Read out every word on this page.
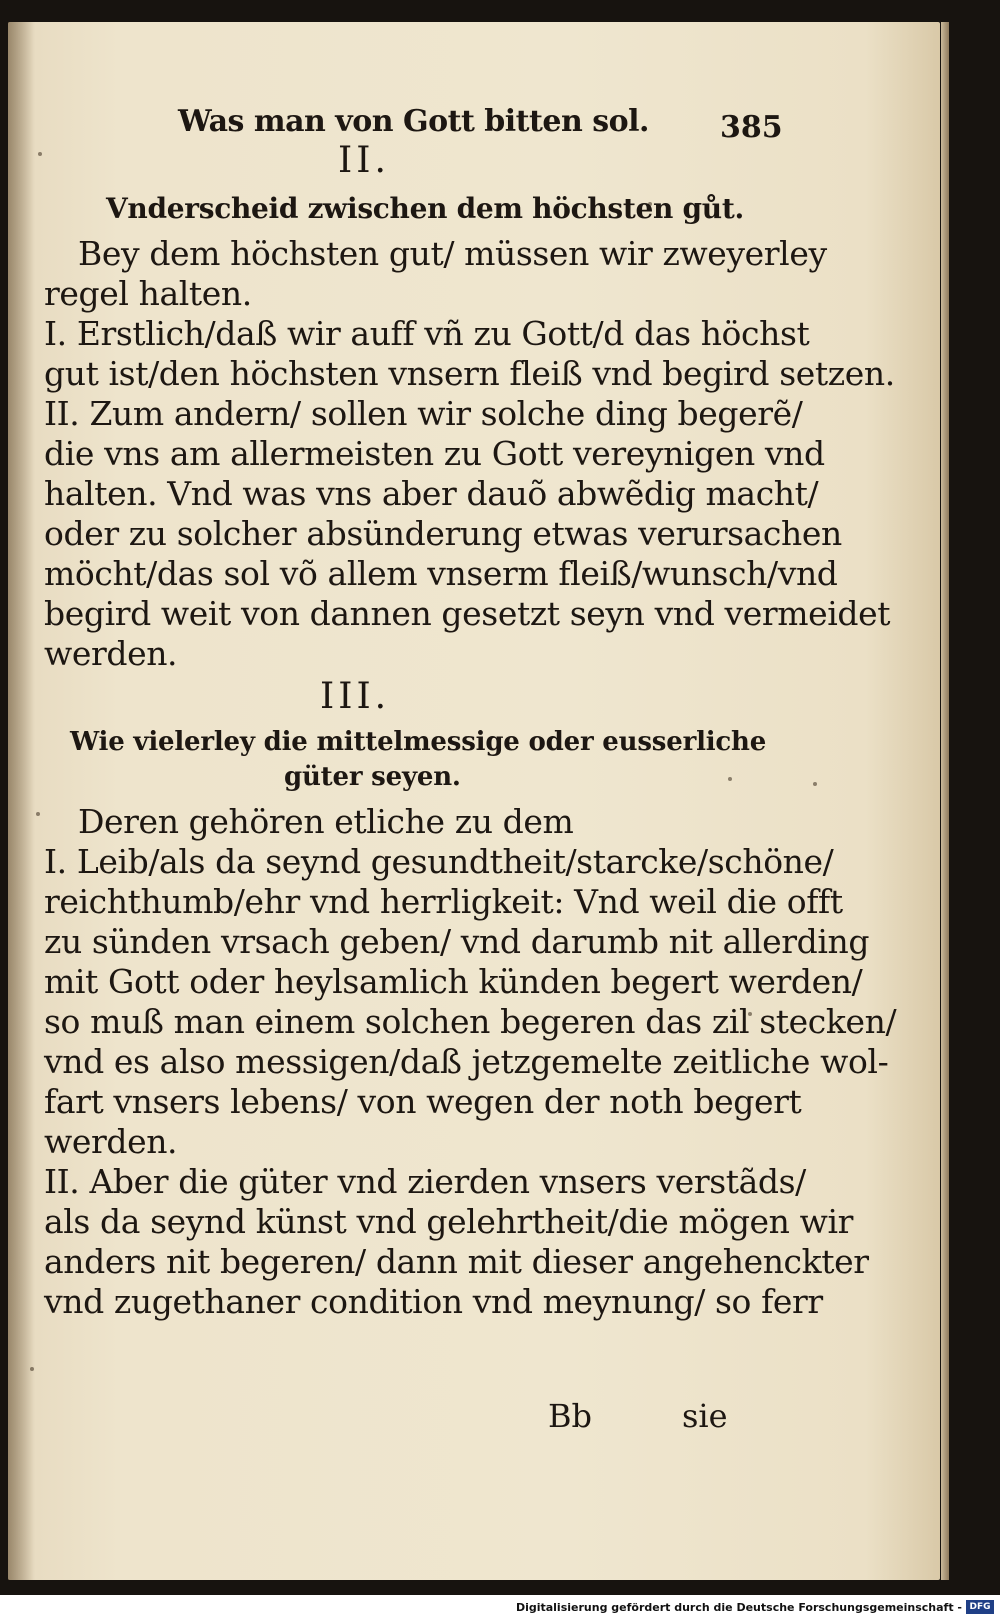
Was man von Gott bitten sol. 385
II.
Vnderscheid zwischen dem höchsten gůt.
Bey dem höchsten gut/ müssen wir zweyerley
regel halten.
I. Erstlich/daß wir auff vñ zu Gott/d das höchst
gut ist/den höchsten vnsern fleiß vnd begird setzen.
II. Zum andern/ sollen wir solche ding begerẽ/
die vns am allermeisten zu Gott vereynigen vnd
halten. Vnd was vns aber dauõ abwẽdig macht/
oder zu solcher absünderung etwas verursachen
möcht/das sol võ allem vnserm fleiß/wunsch/vnd
begird weit von dannen gesetzt seyn vnd vermeidet
werden.
III.
Wie vielerley die mittelmessige oder eusserliche
güter seyen.
Deren gehören etliche zu dem
I. Leib/als da seynd gesundtheit/starcke/schöne/
reichthumb/ehr vnd herrligkeit: Vnd weil die offt
zu sünden vrsach geben/ vnd darumb nit allerding
mit Gott oder heylsamlich künden begert werden/
so muß man einem solchen begeren das zil stecken/
vnd es also messigen/daß jetzgemelte zeitliche wol-
fart vnsers lebens/ von wegen der noth begert
werden.
II. Aber die güter vnd zierden vnsers verstãds/
als da seynd künst vnd gelehrtheit/die mögen wir
anders nit begeren/ dann mit dieser angehenckter
vnd zugethaner condition vnd meynung/ so ferr
Bb	sie
Digitalisierung gefördert durch die Deutsche Forschungsgemeinschaft - DFG
